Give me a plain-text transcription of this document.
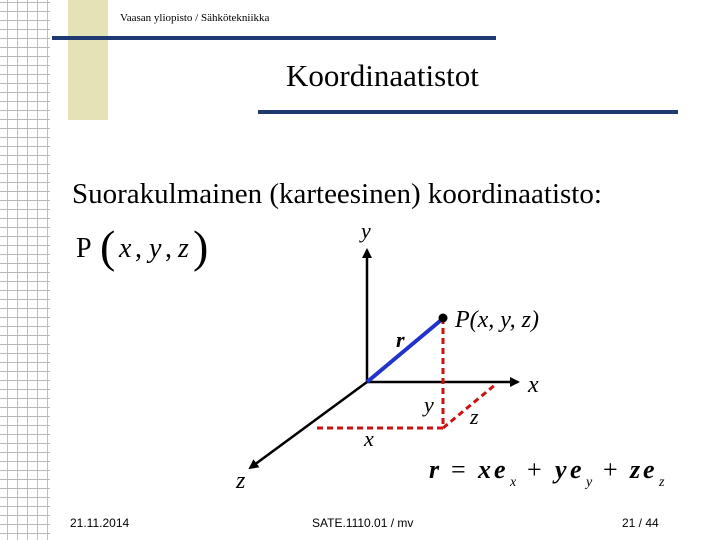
Vaasan yliopisto / Sähkötekniikka
Koordinaatistot
Suorakulmainen (karteesinen) koordinaatisto:
P ( x , y , z )	y
x
z
r
P(x, y, z)
y z
x
r = x e x + y e y + z e z
21.11.2014	SATE.1110.01 / mv	21 / 44
